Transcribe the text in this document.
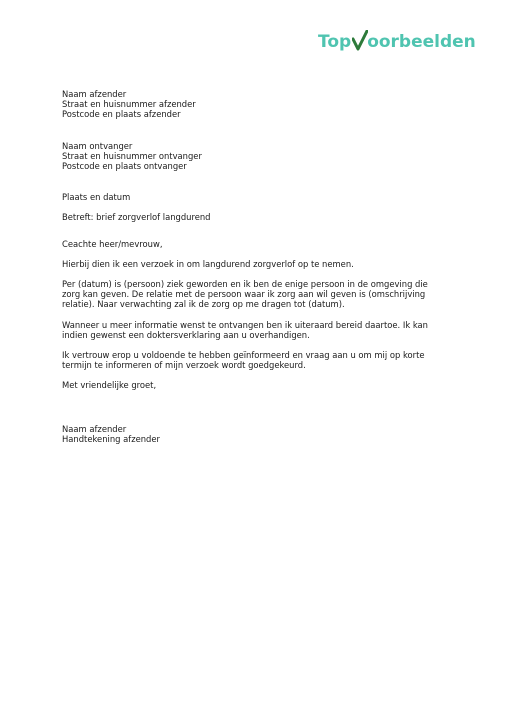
Top oorbeelden

Naam afzender

Straat en huisnummer afzender

Postcode en plaats afzender

Naam ontvanger

Straat en huisnummer ontvanger

Postcode en plaats ontvanger

Plaats en datum

Betreft: brief zorgverlof langdurend

Ceachte heer/mevrouw,

Hierbij dien ik een verzoek in om langdurend zorgverlof op te nemen.

Per (datum) is (persoon) ziek geworden en ik ben de enige persoon in de omgeving die zorg kan geven. De relatie met de persoon waar ik zorg aan wil geven is (omschrijving relatie). Naar verwachting zal ik de zorg op me dragen tot (datum).

Wanneer u meer informatie wenst te ontvangen ben ik uiteraard bereid daartoe. Ik kan indien gewenst een doktersverklaring aan u overhandigen.

Ik vertrouw erop u voldoende te hebben geïnformeerd en vraag aan u om mij op korte termijn te informeren of mijn verzoek wordt goedgekeurd.

Met vriendelijke groet,

Naam afzender

Handtekening afzender
